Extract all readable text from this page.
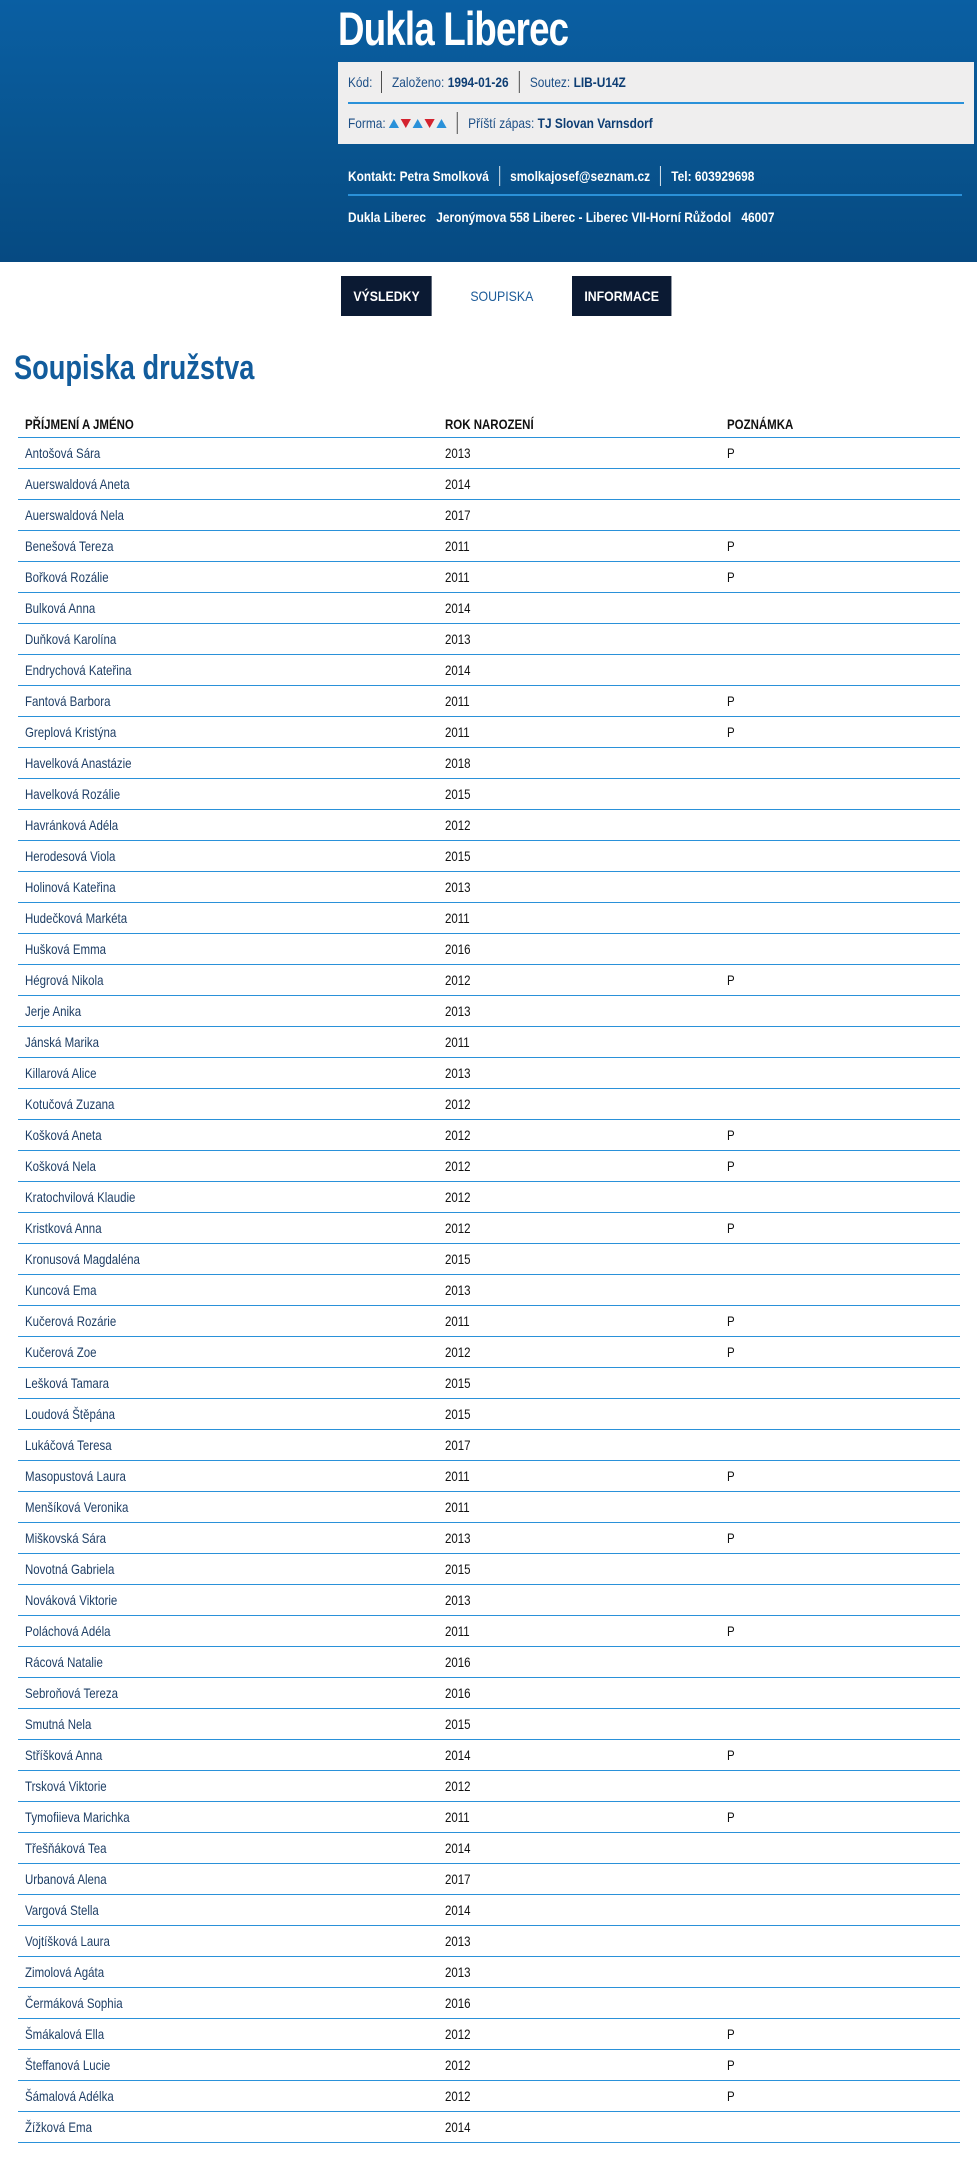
Dukla Liberec
Kód: Založeno: 1994-01-26 Soutez: LIB-U14Z
Forma:	Příští zápas: TJ Slovan Varnsdorf
Kontakt: Petra Smolková smolkajosef@seznam.cz Tel: 603929698
Dukla Liberec Jeronýmova 558 Liberec - Liberec VII-Horní Růžodol 46007
VÝSLEDKY	SOUPISKA	INFORMACE
Soupiska družstva
PŘÍJMENÍ A JMÉNO	ROK NAROZENÍ	POZNÁMKA
Antošová Sára	2013	P
Auerswaldová Aneta	2014
Auerswaldová Nela	2017
Benešová Tereza	2011	P
Bořková Rozálie	2011	P
Bulková Anna	2014
Duňková Karolína	2013
Endrychová Kateřina	2014
Fantová Barbora	2011	P
Greplová Kristýna	2011	P
Havelková Anastázie	2018
Havelková Rozálie	2015
Havránková Adéla	2012
Herodesová Viola	2015
Holinová Kateřina	2013
Hudečková Markéta	2011
Hušková Emma	2016
Hégrová Nikola	2012	P
Jerje Anika	2013
Jánská Marika	2011
Killarová Alice	2013
Kotučová Zuzana	2012
Košková Aneta	2012	P
Košková Nela	2012	P
Kratochvilová Klaudie	2012
Kristková Anna	2012	P
Kronusová Magdaléna	2015
Kuncová Ema	2013
Kučerová Rozárie	2011	P
Kučerová Zoe	2012	P
Lešková Tamara	2015
Loudová Štěpána	2015
Lukáčová Teresa	2017
Masopustová Laura	2011	P
Menšíková Veronika	2011
Miškovská Sára	2013	P
Novotná Gabriela	2015
Nováková Viktorie	2013
Poláchová Adéla	2011	P
Rácová Natalie	2016
Sebroňová Tereza	2016
Smutná Nela	2015
Stříšková Anna	2014	P
Trsková Viktorie	2012
Tymofiieva Marichka	2011	P
Třešňáková Tea	2014
Urbanová Alena	2017
Vargová Stella	2014
Vojtíšková Laura	2013
Zimolová Agáta	2013
Čermáková Sophia	2016
Šmákalová Ella	2012	P
Šteffanová Lucie	2012	P
Šámalová Adélka	2012	P
Žížková Ema	2014
